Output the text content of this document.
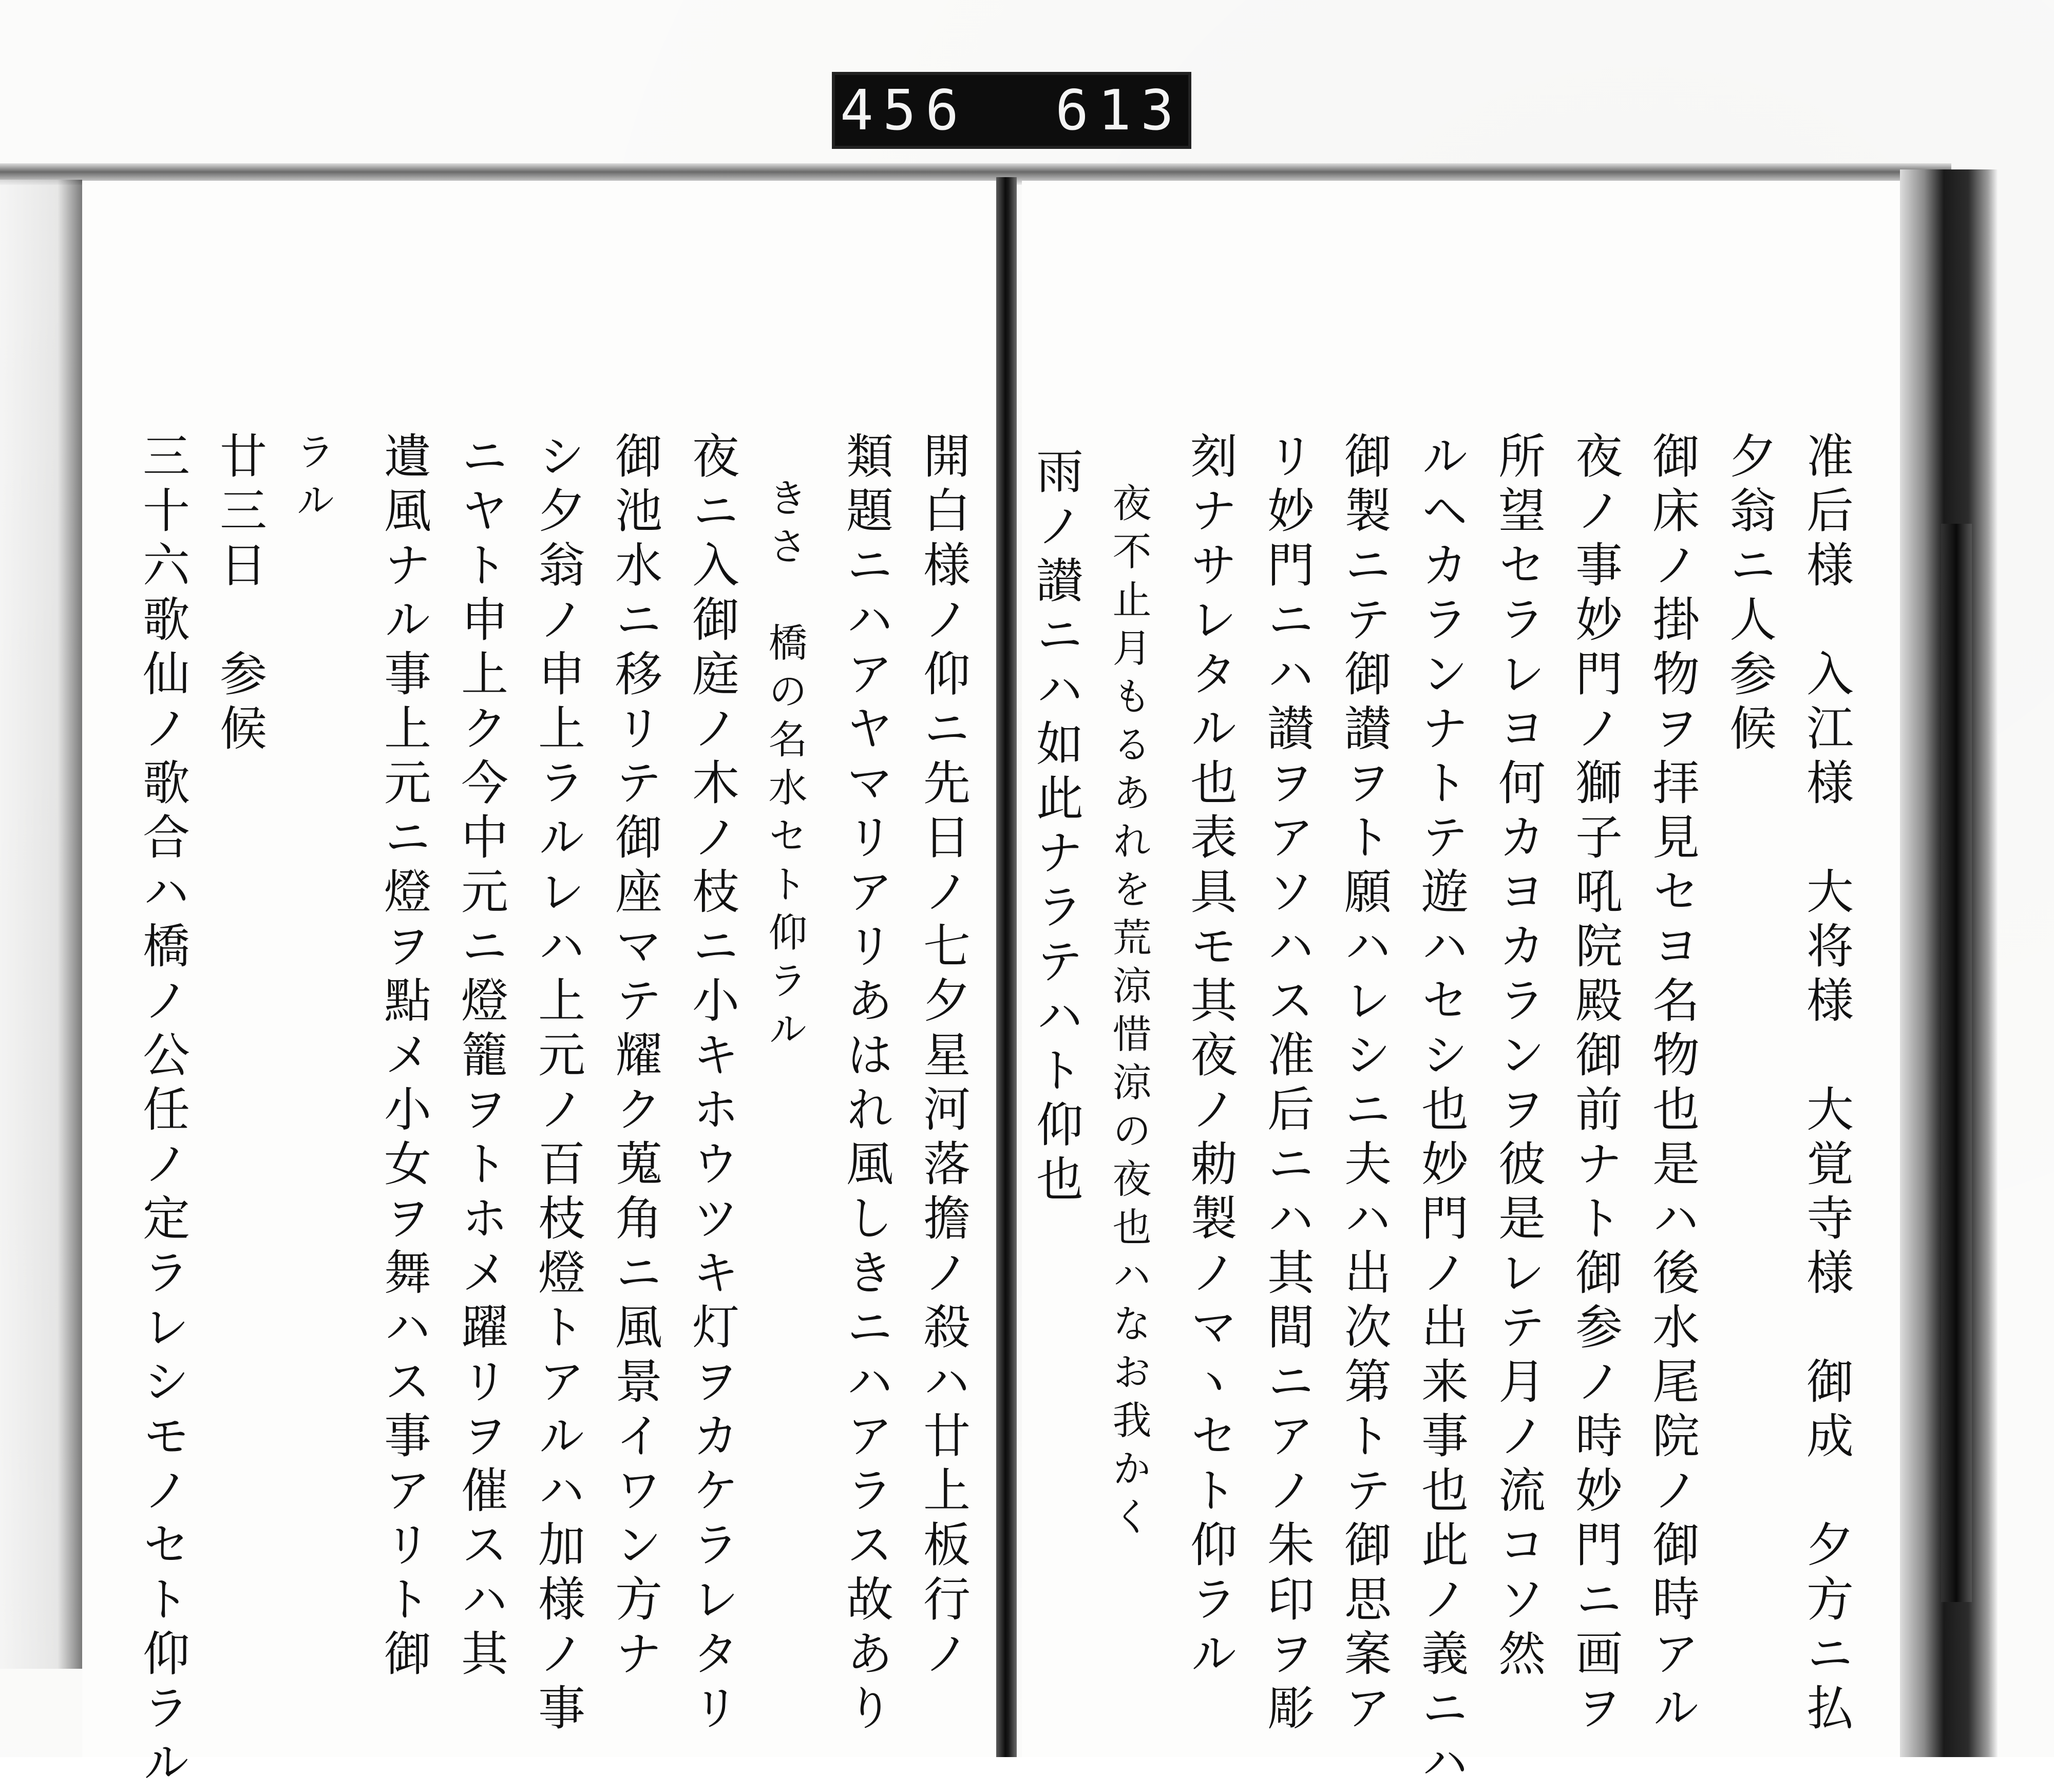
456 613
准后様　入江様　大将様　大覚寺様　御成　夕方ニ払
夕翁ニ人参候
御床ノ掛物ヲ拝見セヨ名物也是ハ後水尾院ノ御時アル
夜ノ事妙門ノ獅子吼院殿御前ナト御参ノ時妙門ニ画ヲ
所望セラレヨ何カヨカランヲ彼是レテ月ノ流コソ然
ルヘカランナトテ遊ハセシ也妙門ノ出来事也此ノ義ニハ
御製ニテ御讃ヲト願ハレシニ夫ハ出次第トテ御思案ア
リ妙門ニハ讃ヲアソハス准后ニハ其間ニアノ朱印ヲ彫
刻ナサレタル也表具モ其夜ノ勅製ノマヽセト仰ラル
雨ノ讃ニハ如此ナラテハト仰也 夜不止月もるあれを荒涼惜涼の夜也ハなお我かく
開白様ノ仰ニ先日ノ七夕星河落擔ノ殺ハ廿上板行ノ
類題ニハアヤマリアリあはれ風しきニハアラス故あり
きさ　橋の名水セト仰ラル
夜ニ入御庭ノ木ノ枝ニ小キホウツキ灯ヲカケラレタリ
御池水ニ移リテ御座マテ耀ク蒐角ニ風景イワン方ナ
シ夕翁ノ申上ラルレハ上元ノ百枝燈トアルハ加様ノ事
ニヤト申上ク今中元ニ燈籠ヲトホメ躍リヲ催スハ其
遺風ナル事上元ニ燈ヲ點メ小女ヲ舞ハス事アリト御
ラル
廿三日　参候
三十六歌仙ノ歌合ハ橋ノ公任ノ定ラレシモノセト仰ラル
